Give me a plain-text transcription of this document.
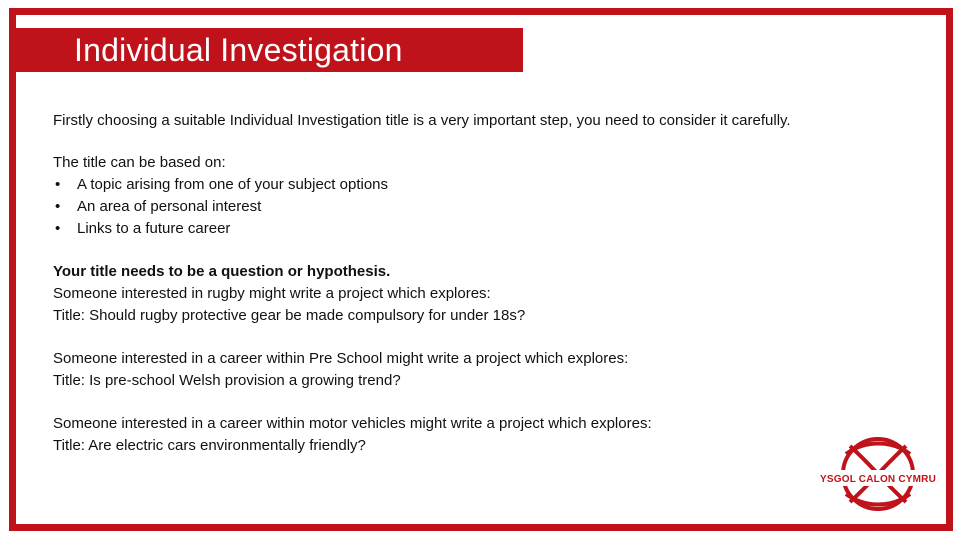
Individual Investigation

Firstly choosing a suitable Individual Investigation title is a very important step, you need to consider it carefully.

The title can be based on:

•	A topic arising from one of your subject options
•	An area of personal interest
•	Links to a future career

Your title needs to be a question or hypothesis.

Someone interested in rugby might write a project which explores:

Title: Should rugby protective gear be made compulsory for under 18s?

Someone interested in a career within Pre School might write a project which explores:

Title: Is pre-school Welsh provision a growing trend?

Someone interested in a career within motor vehicles might write a project which explores:

Title: Are electric cars environmentally friendly?

YSGOL CALON CYMRU
